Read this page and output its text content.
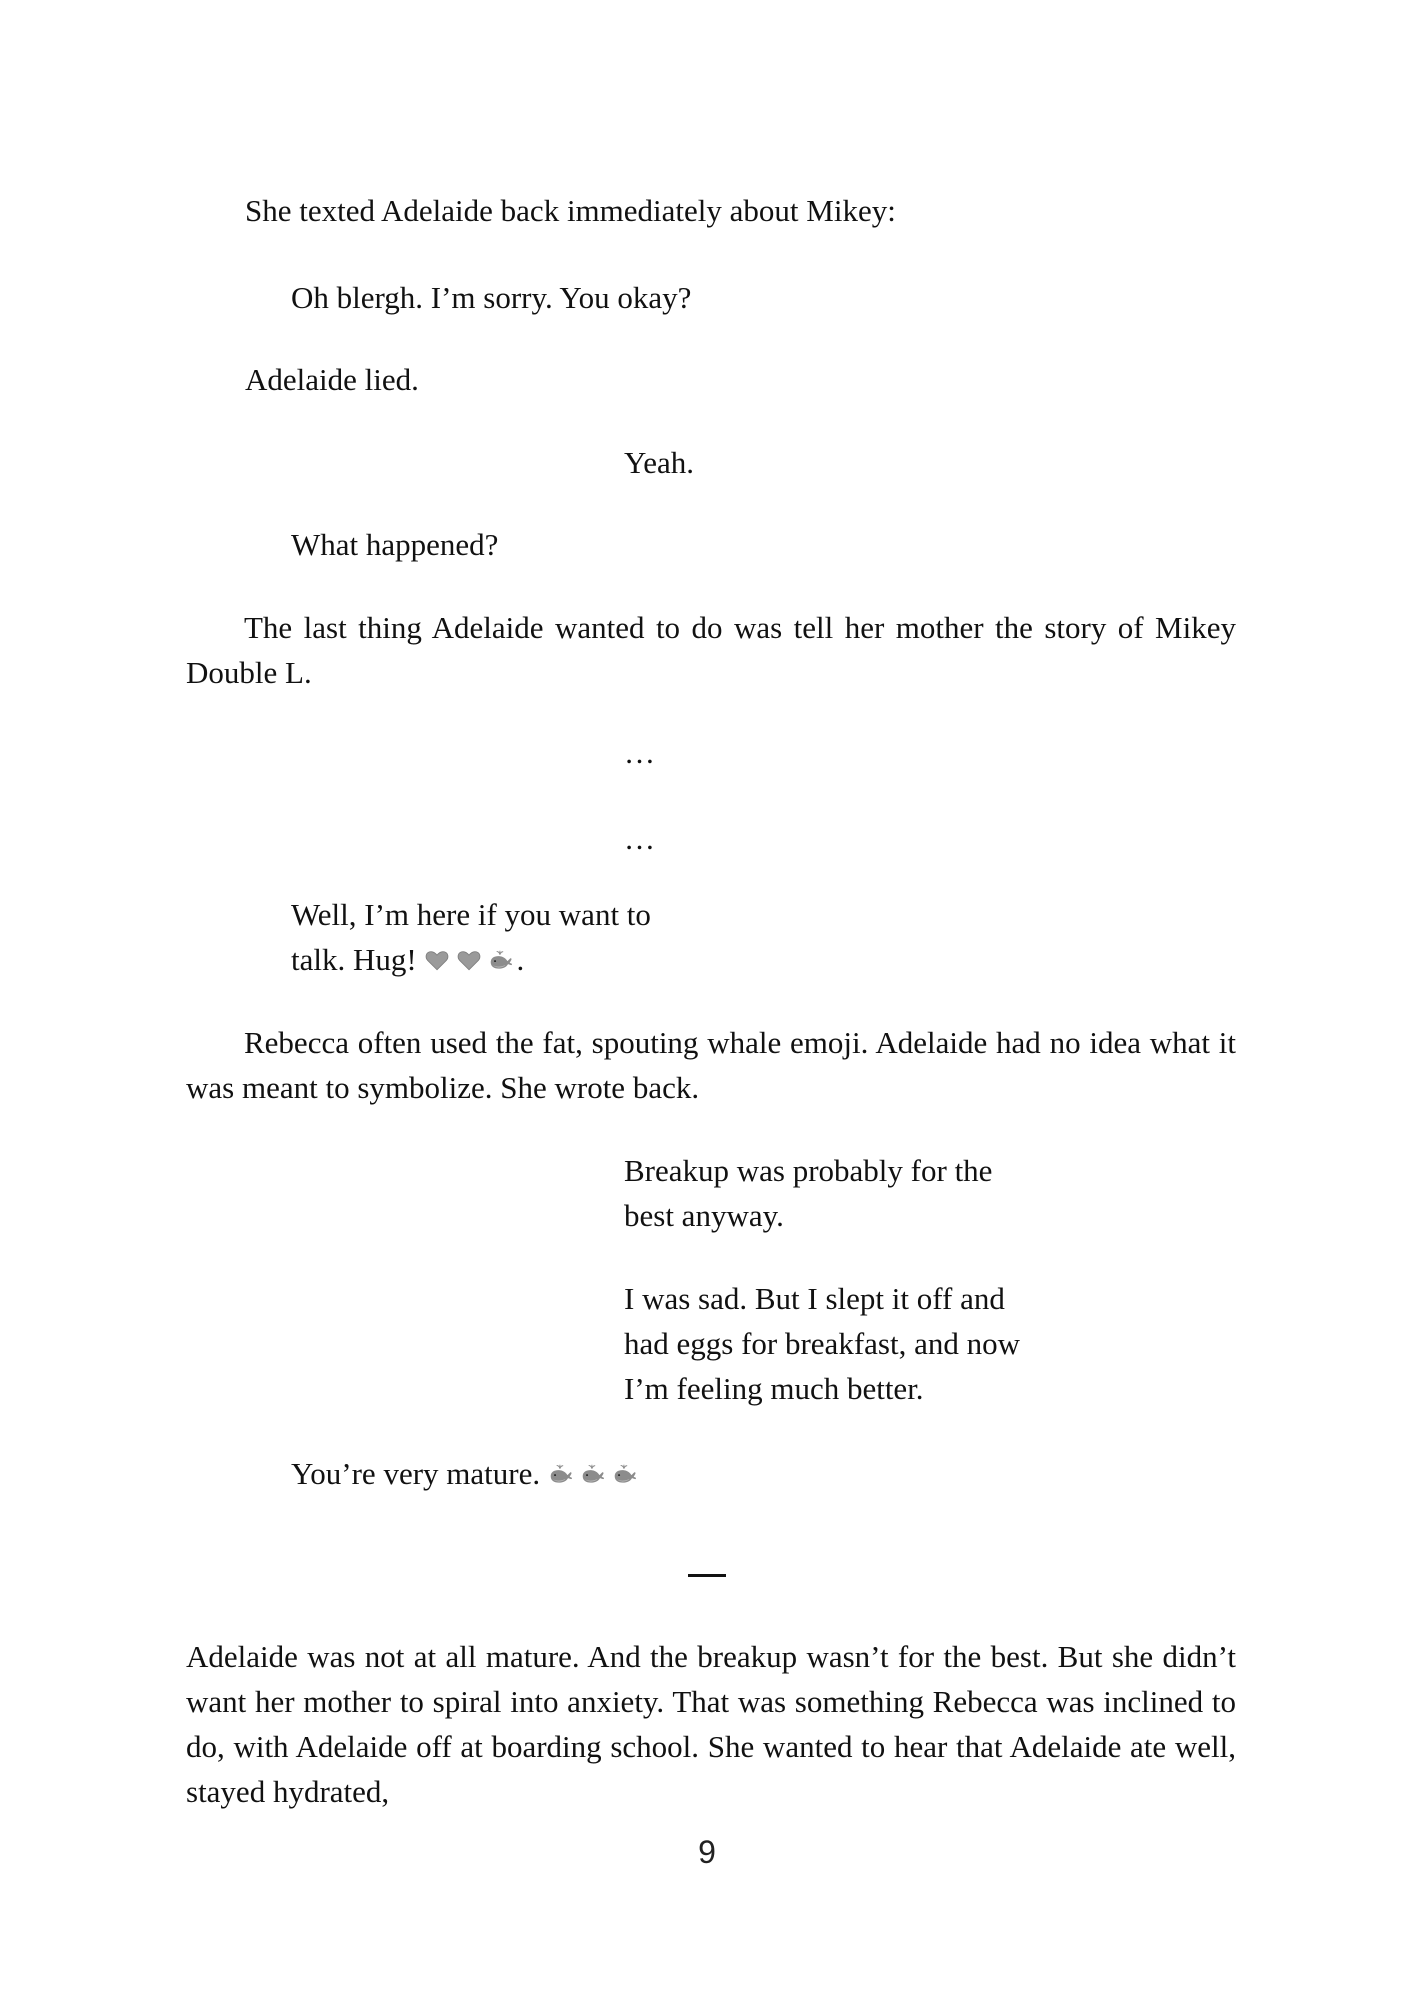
She texted Adelaide back immediately about Mikey:
Oh blergh. I’m sorry. You okay?
Adelaide lied.
Yeah.
What happened?
The last thing Adelaide wanted to do was tell her mother the story of Mikey Double L.
…
…
Well, I’m here if you want to
talk. Hug!	.
Rebecca often used the fat, spouting whale emoji. Adelaide had no idea what it was meant to symbolize. She wrote back.
Breakup was probably for the
best anyway.
I was sad. But I slept it off and
had eggs for breakfast, and now
I’m feeling much better.
You’re very mature.
Adelaide was not at all mature. And the breakup wasn’t for the best. But she didn’t want her mother to spiral into anxiety. That was something Rebecca was inclined to do, with Adelaide off at boarding school. She wanted to hear that Adelaide ate well, stayed hydrated,
9
